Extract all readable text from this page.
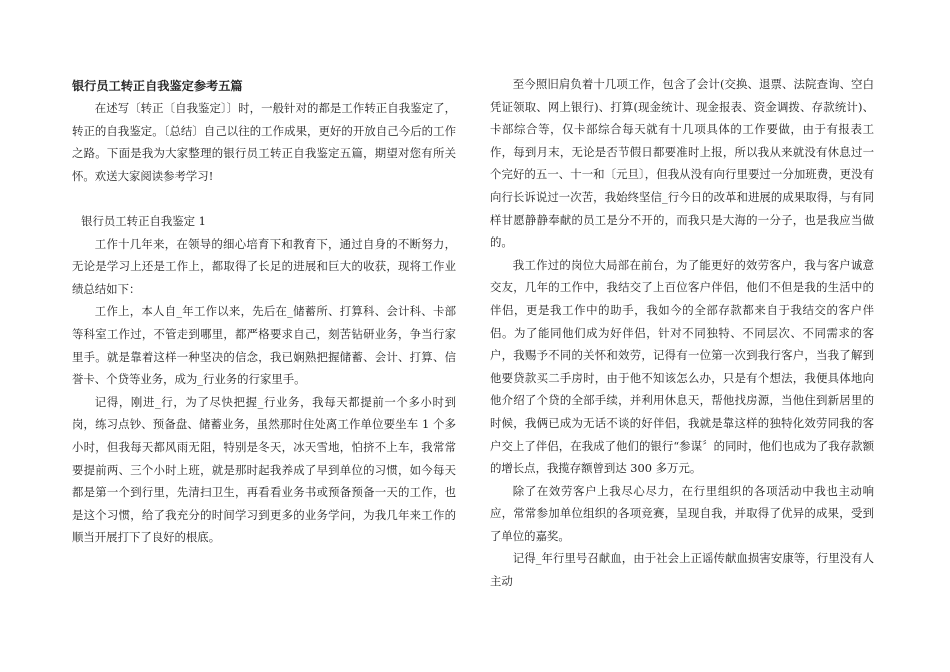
银行员工转正自我鉴定参考五篇

在述写〔转正〔自我鉴定〕〕时，一般针对的都是工作转正自我鉴定了，转正的自我鉴定。〔总结〕自己以往的工作成果，更好的开放自己今后的工作之路。下面是我为大家整理的银行员工转正自我鉴定五篇，期望对您有所关怀。欢送大家阅读参考学习!

银行员工转正自我鉴定 1

工作十几年来，在领导的细心培育下和教育下，通过自身的不断努力，无论是学习上还是工作上，都取得了长足的进展和巨大的收获，现将工作业绩总结如下：

工作上，本人自_年工作以来，先后在_储蓄所、打算科、会计科、卡部等科室工作过，不管走到哪里，都严格要求自己，刻苦钻研业务，争当行家里手。就是靠着这样一种坚决的信念，我已娴熟把握储蓄、会计、打算、信誉卡、个贷等业务，成为_行业务的行家里手。

记得，刚进_行，为了尽快把握_行业务，我每天都提前一个多小时到岗，练习点钞、预备盘、储蓄业务，虽然那时住处离工作单位要坐车 1 个多小时，但我每天都风雨无阻，特别是冬天，冰天雪地，怕挤不上车，我常常要提前两、三个小时上班，就是那时起我养成了早到单位的习惯，如今每天都是第一个到行里，先清扫卫生，再看看业务书或预备预备一天的工作，也是这个习惯，给了我充分的时间学习到更多的业务学问，为我几年来工作的顺当开展打下了良好的根底。

至今照旧肩负着十几项工作，包含了会计(交换、退票、法院查询、空白凭证领取、网上银行)、打算(现金统计、现金报表、资金调拨、存款统计)、卡部综合等，仅卡部综合每天就有十几项具体的工作要做，由于有报表工作，每到月末，无论是否节假日都要准时上报，所以我从来就没有休息过一个完好的五一、十一和〔元旦〕，但我从没有向行里要过一分加班费，更没有向行长诉说过一次苦，我始终坚信_行今日的改革和进展的成果取得，与有同样甘愿静静奉献的员工是分不开的，而我只是大海的一分子，也是我应当做的。

我工作过的岗位大局部在前台，为了能更好的效劳客户，我与客户诚意交友，几年的工作中，我结交了上百位客户伴侣，他们不但是我的生活中的伴侣，更是我工作中的助手，我如今的全部存款都来自于我结交的客户伴侣。为了能同他们成为好伴侣，针对不同独特、不同层次、不同需求的客户，我赐予不同的关怀和效劳，记得有一位第一次到我行客户，当我了解到他要贷款买二手房时，由于他不知该怎么办，只是有个想法，我便具体地向他介绍了个贷的全部手续，并利用休息天，帮他找房源，当他住到新居里的时候，我俩已成为无话不谈的好伴侣，我就是靠这样的独特化效劳同我的客户交上了伴侣，在我成了他们的银行“参谋〞的同时，他们也成为了我存款额的增长点，我揽存额曾到达 300 多万元。

除了在效劳客户上我尽心尽力，在行里组织的各项活动中我也主动响应，常常参加单位组织的各项竞赛，呈现自我，并取得了优异的成果，受到了单位的嘉奖。

记得_年行里号召献血，由于社会上正谣传献血损害安康等，行里没有人主动
